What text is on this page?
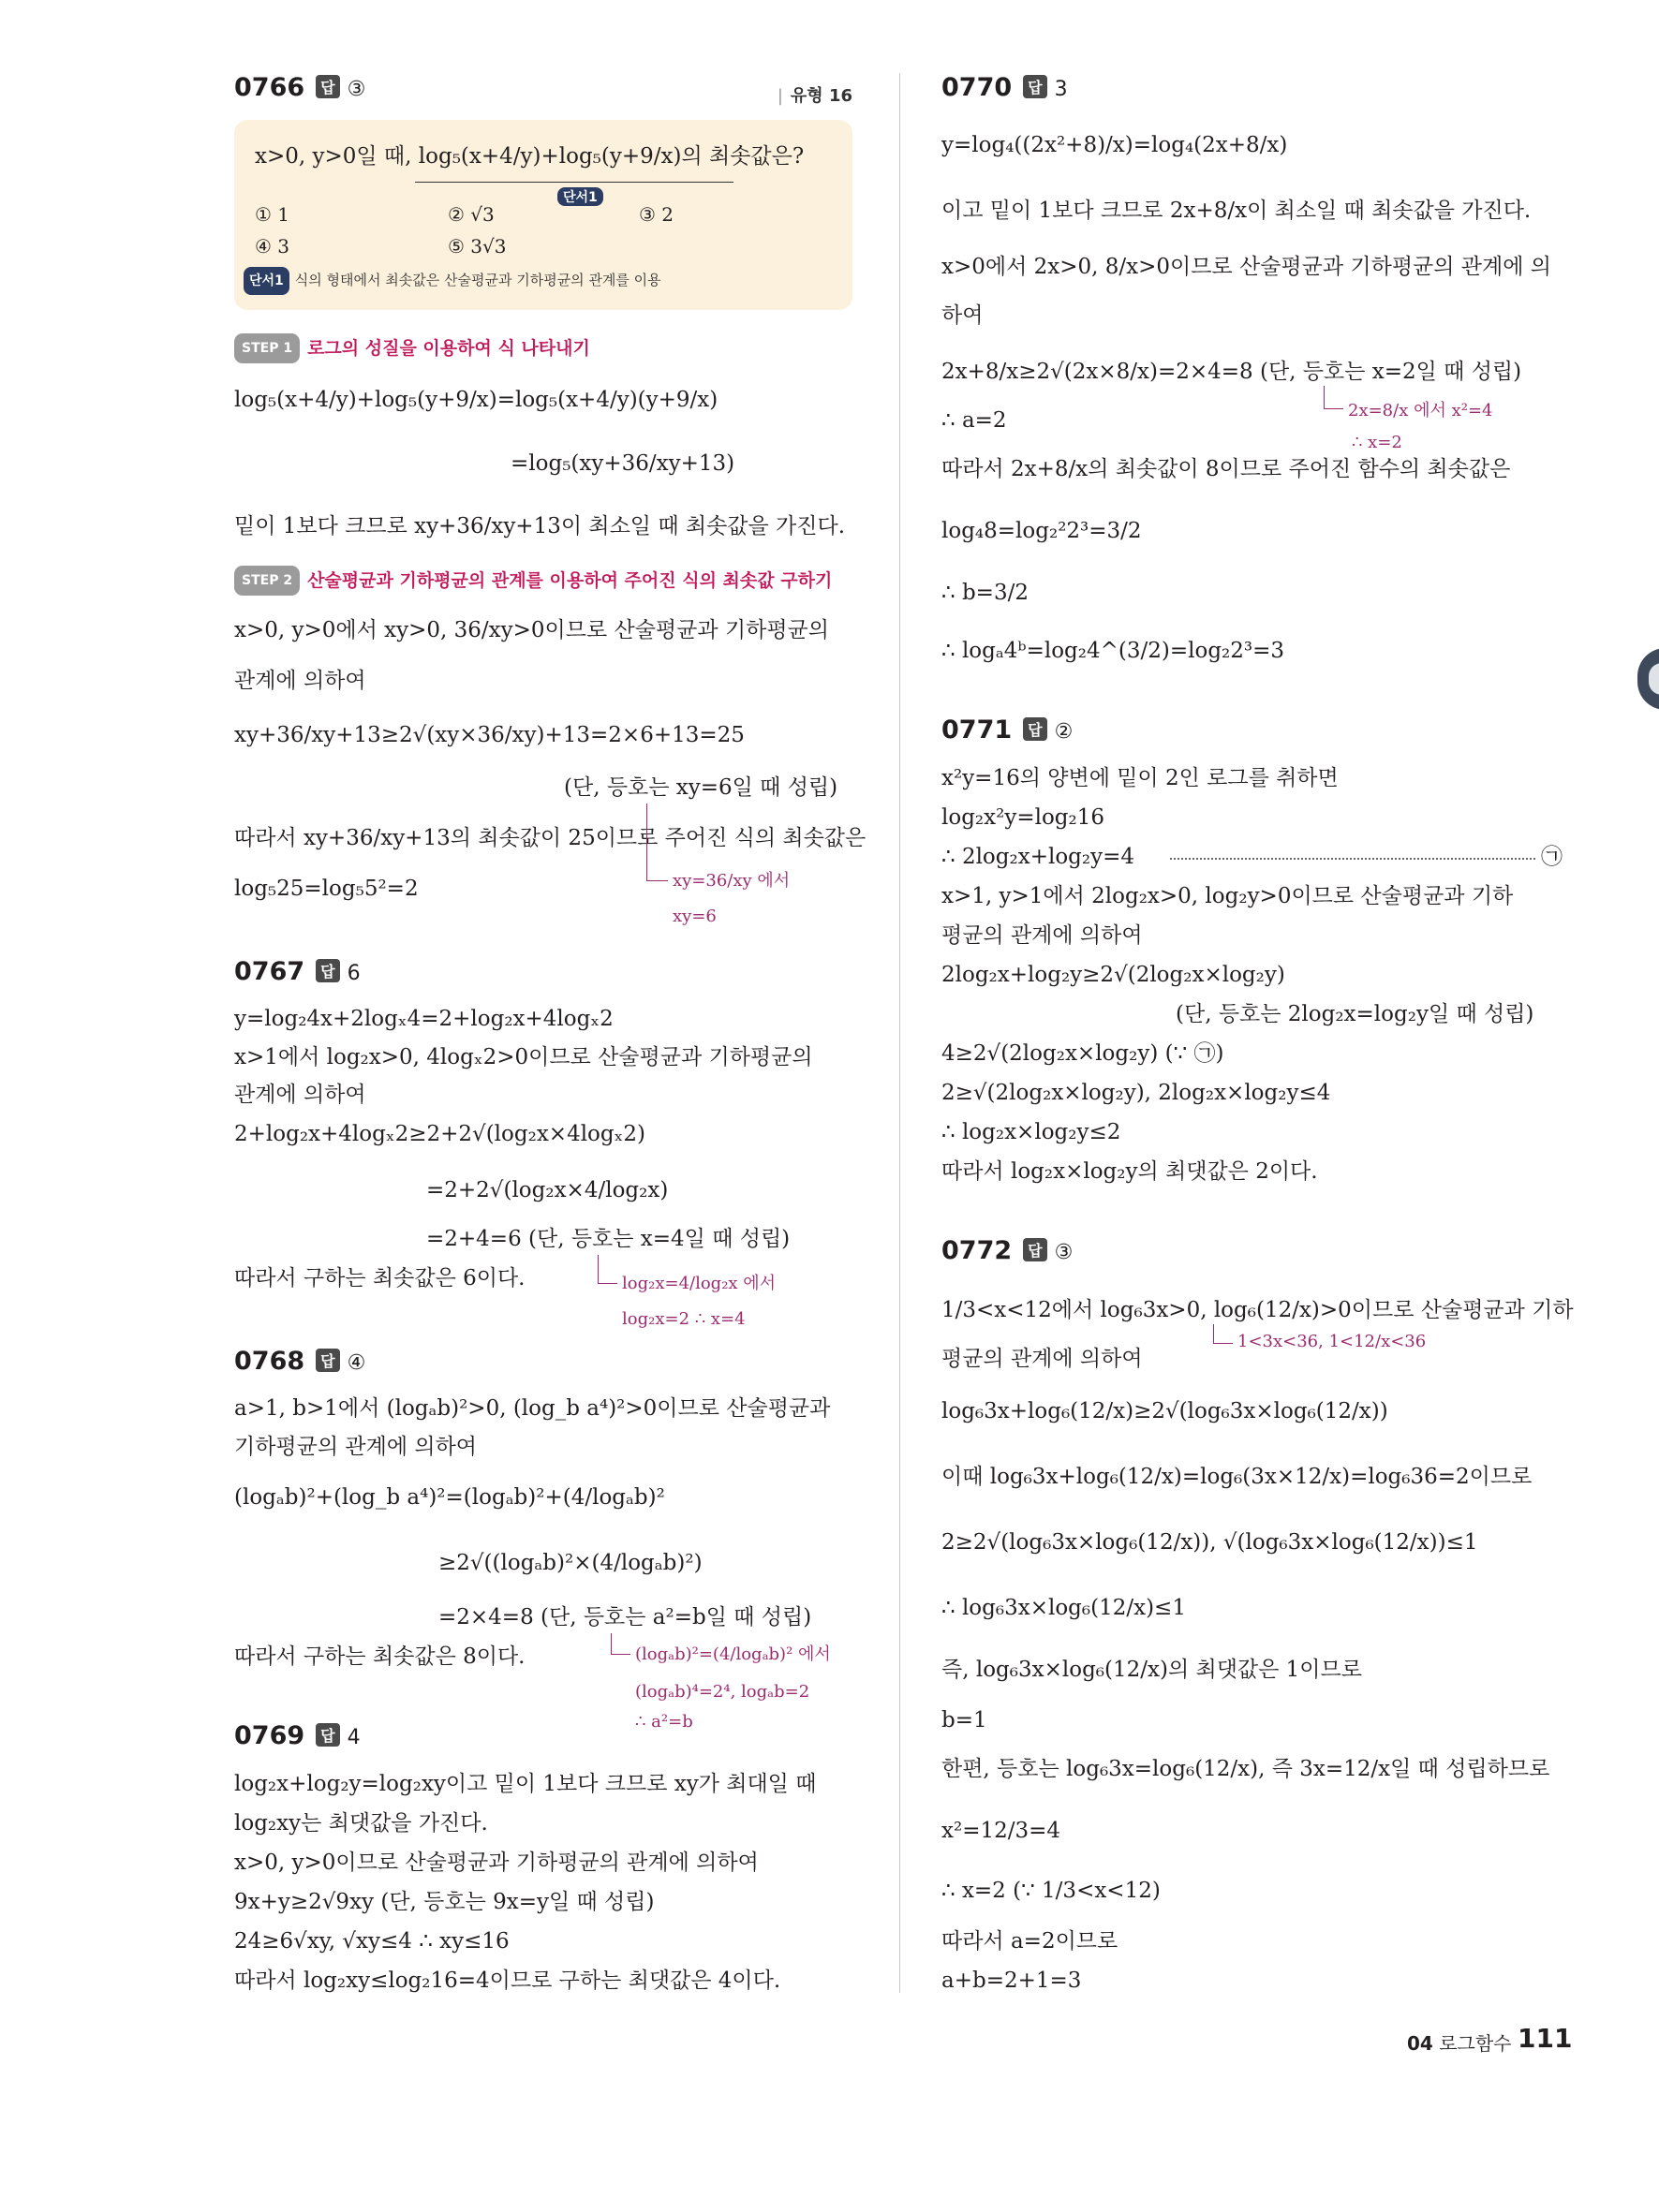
0766 답 ③
|	유형 16
x>0, y>0일 때, log₅(x+4/y)+log₅(y+9/x)의 최솟값은?
단서1
① 1	② √3	③ 2
④ 3	⑤ 3√3
단서1 식의 형태에서 최솟값은 산술평균과 기하평균의 관계를 이용
STEP 1 로그의 성질을 이용하여 식 나타내기
log₅(x+4/y)+log₅(y+9/x)=log₅(x+4/y)(y+9/x)
=log₅(xy+36/xy+13)
밑이 1보다 크므로 xy+36/xy+13이 최소일 때 최솟값을 가진다.
STEP 2 산술평균과 기하평균의 관계를 이용하여 주어진 식의 최솟값 구하기
x>0, y>0에서 xy>0, 36/xy>0이므로 산술평균과 기하평균의
관계에 의하여
xy+36/xy+13≥2√(xy×36/xy)+13=2×6+13=25
(단, 등호는 xy=6일 때 성립)
따라서 xy+36/xy+13의 최솟값이 25이므로 주어진 식의 최솟값은
log₅25=log₅5²=2	xy=36/xy 에서
xy=6
0767 답 6
y=log₂4x+2logₓ4=2+log₂x+4logₓ2
x>1에서 log₂x>0, 4logₓ2>0이므로 산술평균과 기하평균의
관계에 의하여
2+log₂x+4logₓ2≥2+2√(log₂x×4logₓ2)
=2+2√(log₂x×4/log₂x)
=2+4=6 (단, 등호는 x=4일 때 성립)
따라서 구하는 최솟값은 6이다.	log₂x=4/log₂x 에서
log₂x=2 ∴ x=4
0768 답 ④
a>1, b>1에서 (logₐb)²>0, (log_b a⁴)²>0이므로 산술평균과
기하평균의 관계에 의하여
(logₐb)²+(log_b a⁴)²=(logₐb)²+(4/logₐb)²
≥2√((logₐb)²×(4/logₐb)²)
=2×4=8 (단, 등호는 a²=b일 때 성립)
따라서 구하는 최솟값은 8이다.	(logₐb)²=(4/logₐb)² 에서
(logₐb)⁴=2⁴, logₐb=2
∴ a²=b
0769 답 4
log₂x+log₂y=log₂xy이고 밑이 1보다 크므로 xy가 최대일 때
log₂xy는 최댓값을 가진다.
x>0, y>0이므로 산술평균과 기하평균의 관계에 의하여
9x+y≥2√9xy (단, 등호는 9x=y일 때 성립)
24≥6√xy, √xy≤4 ∴ xy≤16
따라서 log₂xy≤log₂16=4이므로 구하는 최댓값은 4이다.
0770 답 3
y=log₄((2x²+8)/x)=log₄(2x+8/x)
이고 밑이 1보다 크므로 2x+8/x이 최소일 때 최솟값을 가진다.
x>0에서 2x>0, 8/x>0이므로 산술평균과 기하평균의 관계에 의
하여
2x+8/x≥2√(2x×8/x)=2×4=8 (단, 등호는 x=2일 때 성립)
2x=8/x 에서 x²=4
∴ a=2
∴ x=2
따라서 2x+8/x의 최솟값이 8이므로 주어진 함수의 최솟값은
log₄8=log₂²2³=3/2
∴ b=3/2
∴ logₐ4ᵇ=log₂4^(3/2)=log₂2³=3
0771 답 ②
x²y=16의 양변에 밑이 2인 로그를 취하면
log₂x²y=log₂16
∴ 2log₂x+log₂y=4	㉠
x>1, y>1에서 2log₂x>0, log₂y>0이므로 산술평균과 기하
평균의 관계에 의하여
2log₂x+log₂y≥2√(2log₂x×log₂y)
(단, 등호는 2log₂x=log₂y일 때 성립)
4≥2√(2log₂x×log₂y) (∵ ㉠)
2≥√(2log₂x×log₂y), 2log₂x×log₂y≤4
∴ log₂x×log₂y≤2
따라서 log₂x×log₂y의 최댓값은 2이다.
0772 답 ③
1/3<x<12에서 log₆3x>0, log₆(12/x)>0이므로 산술평균과 기하
1<3x<36, 1<12/x<36
평균의 관계에 의하여
log₆3x+log₆(12/x)≥2√(log₆3x×log₆(12/x))
이때 log₆3x+log₆(12/x)=log₆(3x×12/x)=log₆36=2이므로
2≥2√(log₆3x×log₆(12/x)), √(log₆3x×log₆(12/x))≤1
∴ log₆3x×log₆(12/x)≤1
즉, log₆3x×log₆(12/x)의 최댓값은 1이므로
b=1
한편, 등호는 log₆3x=log₆(12/x), 즉 3x=12/x일 때 성립하므로
x²=12/3=4
∴ x=2 (∵ 1/3<x<12)
따라서 a=2이므로
a+b=2+1=3
04 로그함수 111
